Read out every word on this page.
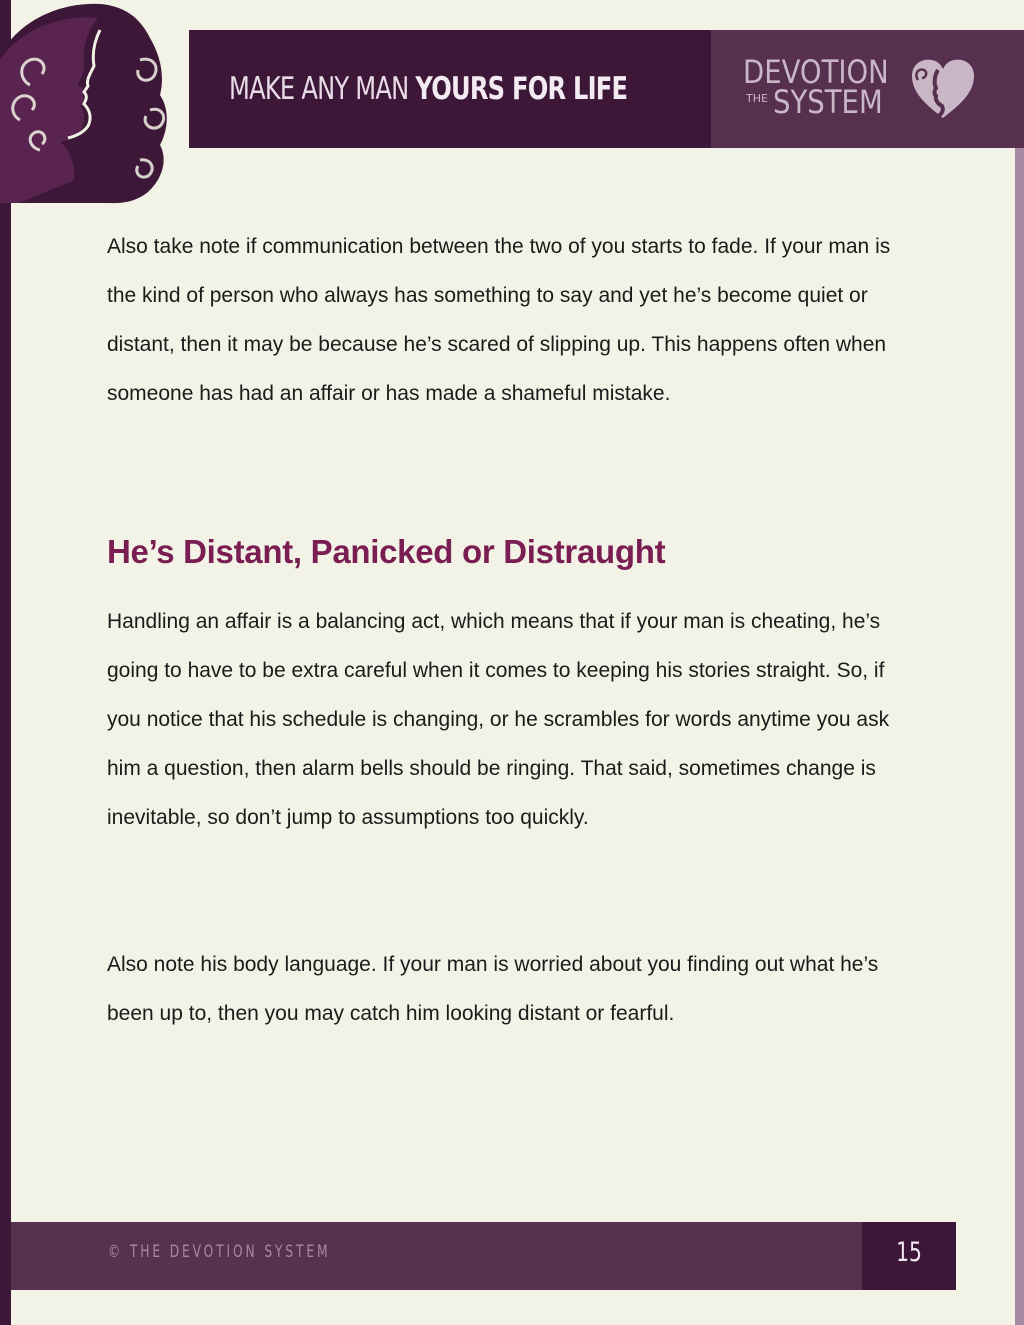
MAKE ANY MAN YOURS FOR LIFE	DEVOTION
THE SYSTEM

Also take note if communication between the two of you starts to fade. If your man is the kind of person who always has something to say and yet he’s become quiet or distant, then it may be because he’s scared of slipping up. This happens often when someone has had an affair or has made a shameful mistake.

He’s Distant, Panicked or Distraught

Handling an affair is a balancing act, which means that if your man is cheating, he’s going to have to be extra careful when it comes to keeping his stories straight. So, if you notice that his schedule is changing, or he scrambles for words anytime you ask him a question, then alarm bells should be ringing. That said, sometimes change is inevitable, so don’t jump to assumptions too quickly.

Also note his body language. If your man is worried about you finding out what he’s been up to, then you may catch him looking distant or fearful.

© THE DEVOTION SYSTEM	15
